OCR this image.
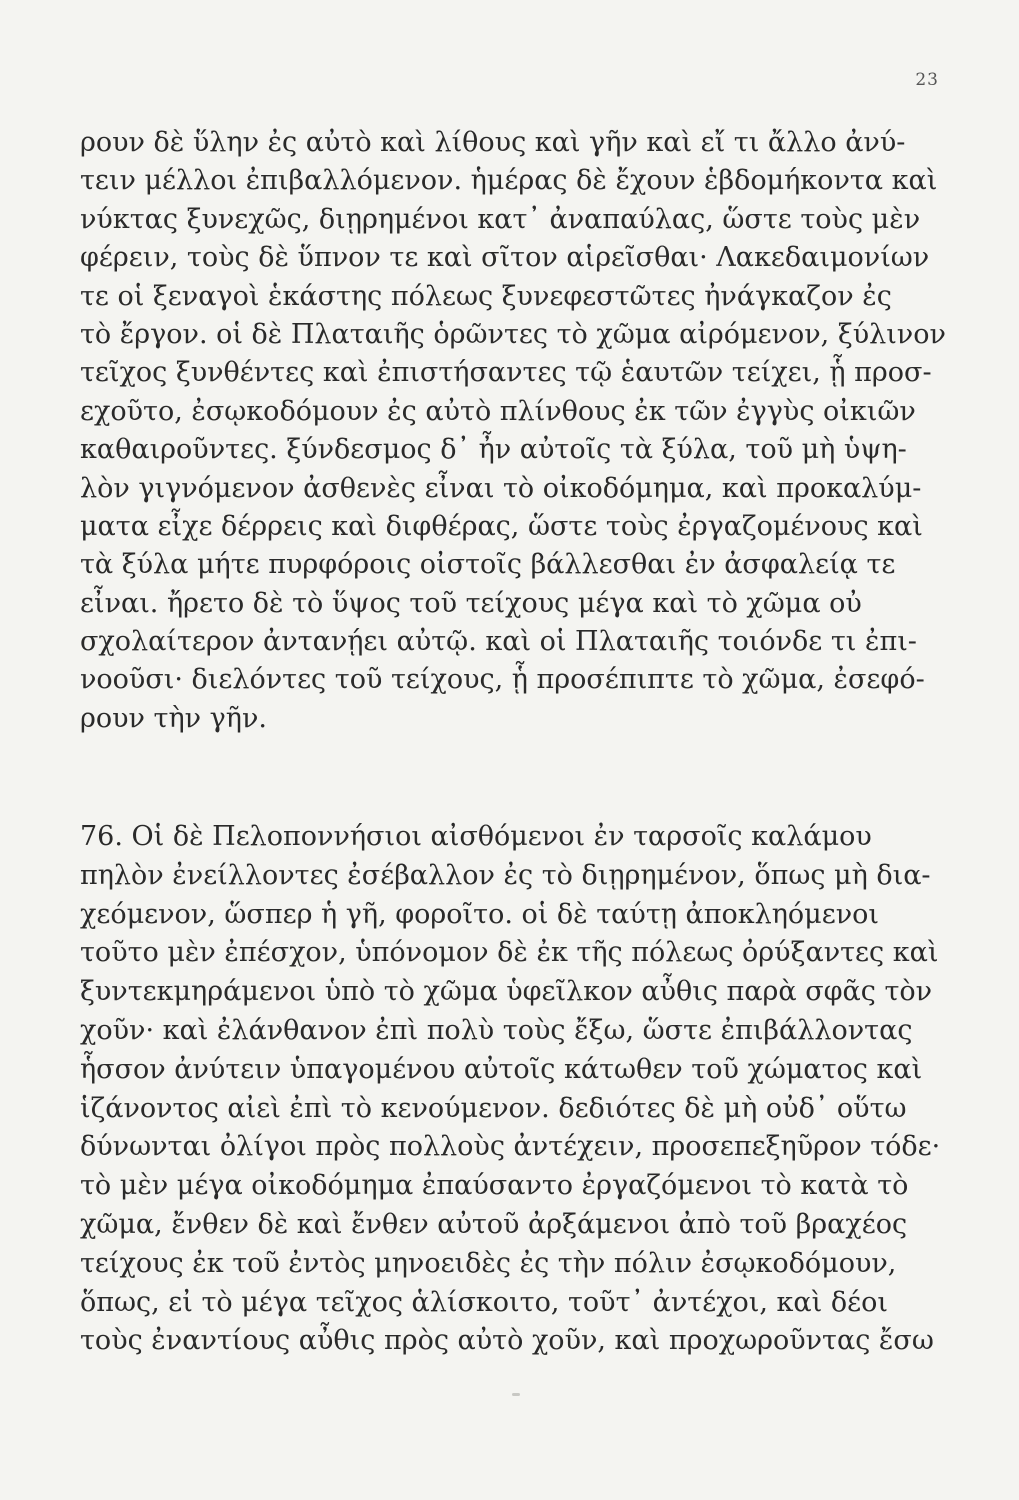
23
ρουν δὲ ὕλην ἐς αὐτὸ καὶ λίθους καὶ γῆν καὶ εἴ τι ἄλλο ἀνύ-
τειν μέλλοι ἐπιβαλλόμενον. ἡμέρας δὲ ἔχουν ἑβδομήκοντα καὶ
νύκτας ξυνεχῶς, διῃρημένοι κατ᾽ ἀναπαύλας, ὥστε τοὺς μὲν
φέρειν, τοὺς δὲ ὕπνον τε καὶ σῖτον αἱρεῖσθαι· Λακεδαιμονίων
τε οἱ ξεναγοὶ ἑκάστης πόλεως ξυνεφεστῶτες ἠνάγκαζον ἐς
τὸ ἔργον. οἱ δὲ Πλαταιῆς ὁρῶντες τὸ χῶμα αἰρόμενον, ξύλινον
τεῖχος ξυνθέντες καὶ ἐπιστήσαντες τῷ ἑαυτῶν τείχει, ᾗ προσ-
εχοῦτο, ἐσῳκοδόμουν ἐς αὐτὸ πλίνθους ἐκ τῶν ἐγγὺς οἰκιῶν
καθαιροῦντες. ξύνδεσμος δ᾽ ἦν αὐτοῖς τὰ ξύλα, τοῦ μὴ ὑψη-
λὸν γιγνόμενον ἀσθενὲς εἶναι τὸ οἰκοδόμημα, καὶ προκαλύμ-
ματα εἶχε δέρρεις καὶ διφθέρας, ὥστε τοὺς ἐργαζομένους καὶ
τὰ ξύλα μήτε πυρφόροις οἰστοῖς βάλλεσθαι ἐν ἀσφαλείᾳ τε
εἶναι. ἤρετο δὲ τὸ ὕψος τοῦ τείχους μέγα καὶ τὸ χῶμα οὐ
σχολαίτερον ἀντανῄει αὐτῷ. καὶ οἱ Πλαταιῆς τοιόνδε τι ἐπι-
νοοῦσι· διελόντες τοῦ τείχους, ᾗ προσέπιπτε τὸ χῶμα, ἐσεφό-
ρουν τὴν γῆν.
76. Οἱ δὲ Πελοποννήσιοι αἰσθόμενοι ἐν ταρσοῖς καλάμου
πηλὸν ἐνείλλοντες ἐσέβαλλον ἐς τὸ διῃρημένον, ὅπως μὴ δια-
χεόμενον, ὥσπερ ἡ γῆ, φοροῖτο. οἱ δὲ ταύτῃ ἀποκληόμενοι
τοῦτο μὲν ἐπέσχον, ὑπόνομον δὲ ἐκ τῆς πόλεως ὀρύξαντες καὶ
ξυντεκμηράμενοι ὑπὸ τὸ χῶμα ὑφεῖλκον αὖθις παρὰ σφᾶς τὸν
χοῦν· καὶ ἐλάνθανον ἐπὶ πολὺ τοὺς ἔξω, ὥστε ἐπιβάλλοντας
ἧσσον ἀνύτειν ὑπαγομένου αὐτοῖς κάτωθεν τοῦ χώματος καὶ
ἱζάνοντος αἰεὶ ἐπὶ τὸ κενούμενον. δεδιότες δὲ μὴ οὐδ᾽ οὕτω
δύνωνται ὀλίγοι πρὸς πολλοὺς ἀντέχειν, προσεπεξηῦρον τόδε·
τὸ μὲν μέγα οἰκοδόμημα ἐπαύσαντο ἐργαζόμενοι τὸ κατὰ τὸ
χῶμα, ἔνθεν δὲ καὶ ἔνθεν αὐτοῦ ἀρξάμενοι ἀπὸ τοῦ βραχέος
τείχους ἐκ τοῦ ἐντὸς μηνοειδὲς ἐς τὴν πόλιν ἐσῳκοδόμουν,
ὅπως, εἰ τὸ μέγα τεῖχος ἁλίσκοιτο, τοῦτ᾽ ἀντέχοι, καὶ δέοι
τοὺς ἐναντίους αὖθις πρὸς αὐτὸ χοῦν, καὶ προχωροῦντας ἔσω
